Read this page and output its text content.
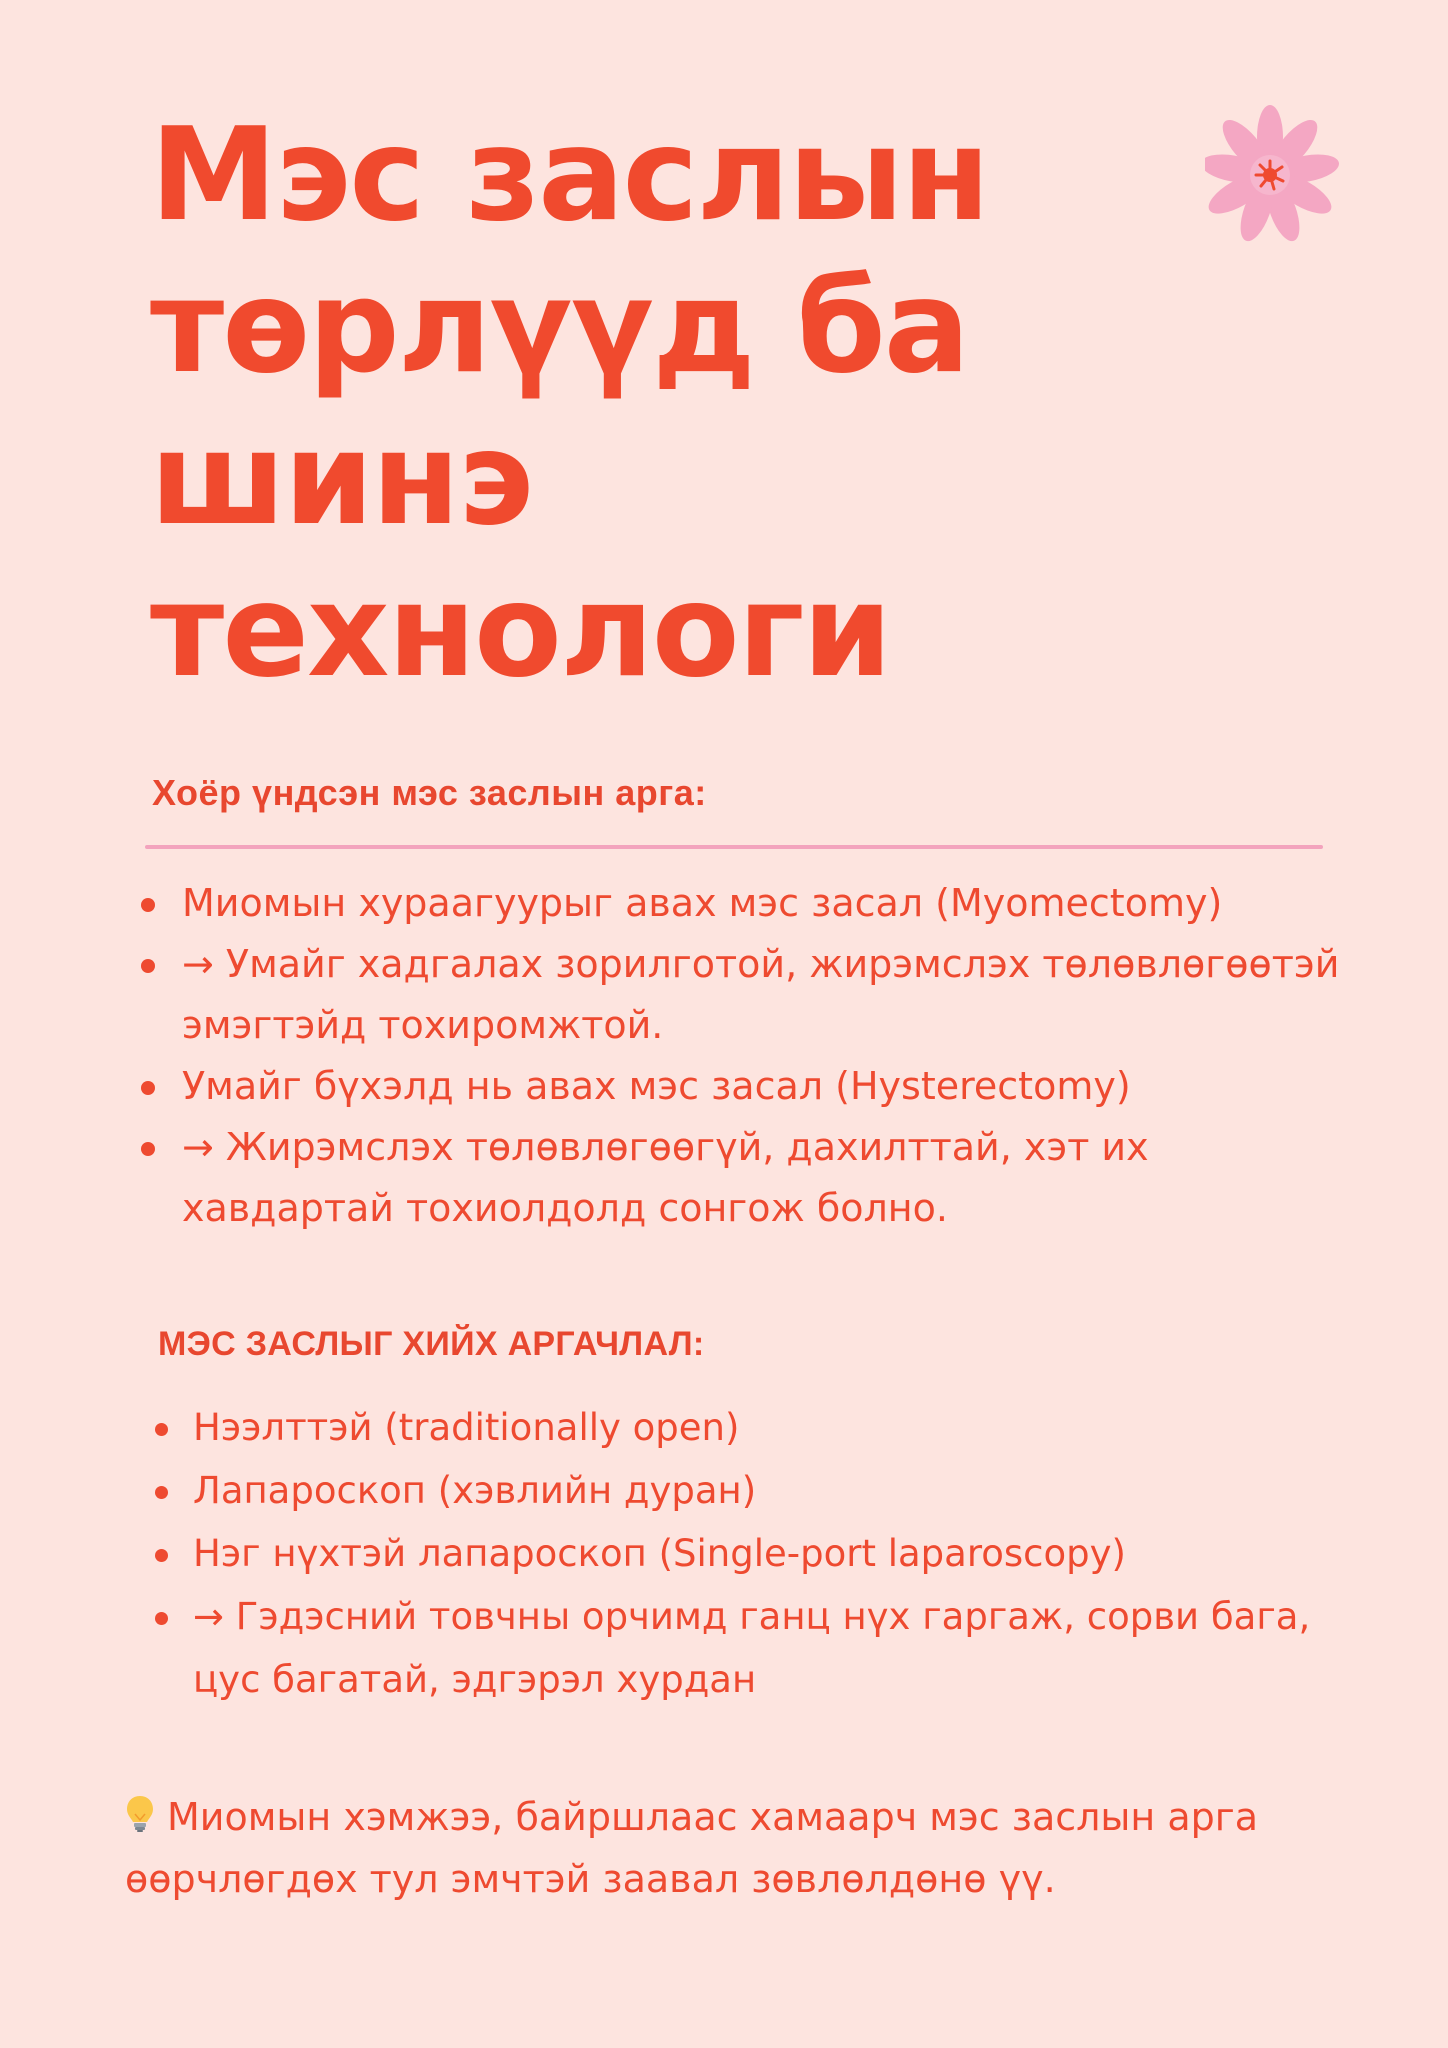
Мэс заслын
төрлүүд ба
шинэ
технологи
Хоёр үндсэн мэс заслын арга:
Миомын хураагуурыг авах мэс засал (Myomectomy)
→ Умайг хадгалах зорилготой, жирэмслэх төлөвлөгөөтэй эмэгтэйд тохиромжтой.
Умайг бүхэлд нь авах мэс засал (Hysterectomy)
→ Жирэмслэх төлөвлөгөөгүй, дахилттай, хэт их хавдартай тохиолдолд сонгож болно.
МЭС ЗАСЛЫГ ХИЙХ АРГАЧЛАЛ:
Нээлттэй (traditionally open)
Лапароскоп (хэвлийн дуран)
Нэг нүхтэй лапароскоп (Single-port laparoscopy)
→ Гэдэсний товчны орчимд ганц нүх гаргаж, сорви бага, цус багатай, эдгэрэл хурдан

Миомын хэмжээ, байршлаас хамаарч мэс заслын арга өөрчлөгдөх тул эмчтэй заавал зөвлөлдөнө үү.
